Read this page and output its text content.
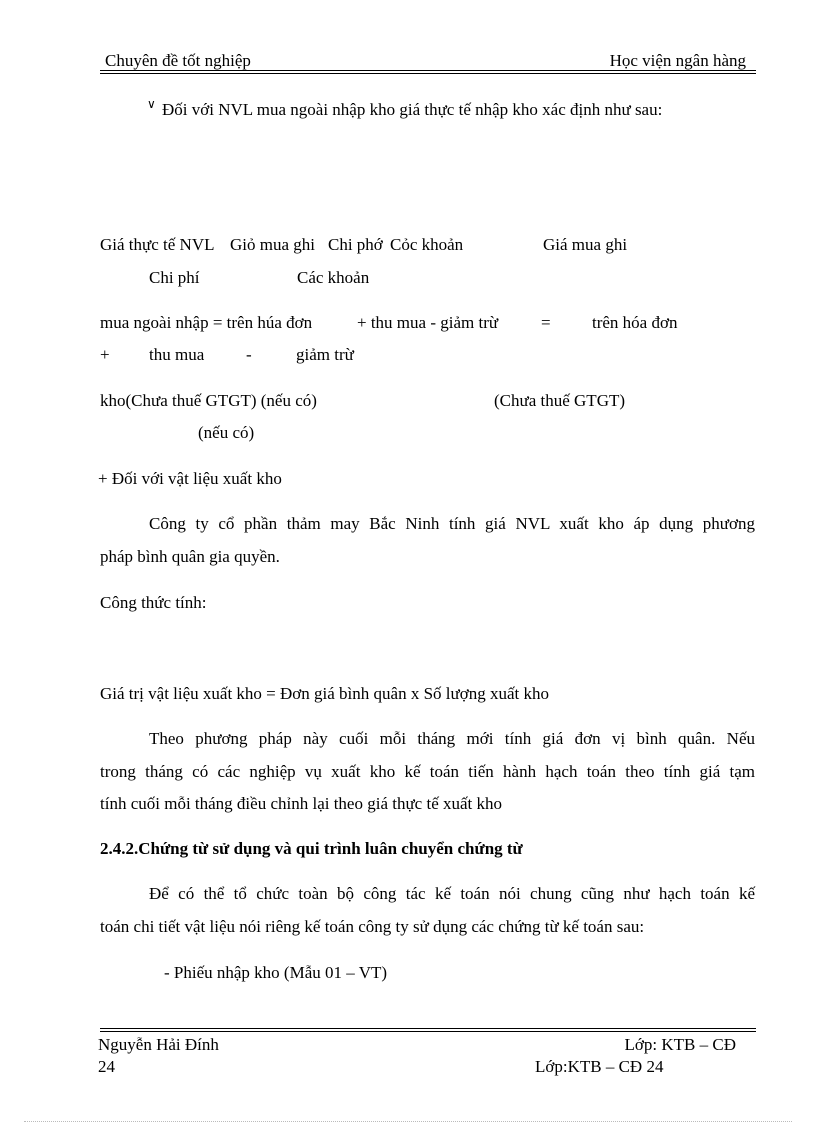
Chuyên đề tốt nghiệp	Học viện ngân hàng
∨ Đối với NVL mua ngoài nhập kho giá thực tế nhập kho xác định như sau:
Giá thực tế NVL Giỏ mua ghi Chi phớ Cỏc khoản	Giá mua ghi
Chi phí	Các khoản
mua ngoài nhập = trên húa đơn	+ thu mua - giảm trừ	= trên hóa đơn
+ thu mua -	giảm trừ
kho(Chưa thuế GTGT) (nếu có)	(Chưa thuế GTGT)
(nếu có)
+ Đối với vật liệu xuất kho
Công ty cổ phần thảm may Bắc Ninh tính giá NVL xuất kho áp dụng phương
pháp bình quân gia quyền.
Công thức tính:
Giá trị vật liệu xuất kho = Đơn giá bình quân x Số lượng xuất kho
Theo phương pháp này cuối mỗi tháng mới tính giá đơn vị bình quân. Nếu
trong tháng có các nghiệp vụ xuất kho kế toán tiến hành hạch toán theo tính giá tạm
tính cuối mỗi tháng điều chỉnh lại theo giá thực tế xuất kho
2.4.2.Chứng từ sử dụng và qui trình luân chuyển chứng từ
Để có thể tổ chức toàn bộ công tác kế toán nói chung cũng như hạch toán kế
toán chi tiết vật liệu nói riêng kế toán công ty sử dụng các chứng từ kế toán sau:
- Phiếu nhập kho (Mẫu 01 – VT)
Nguyễn Hải Đính	Lớp: KTB – CĐ
24	Lớp:KTB – CĐ 24
